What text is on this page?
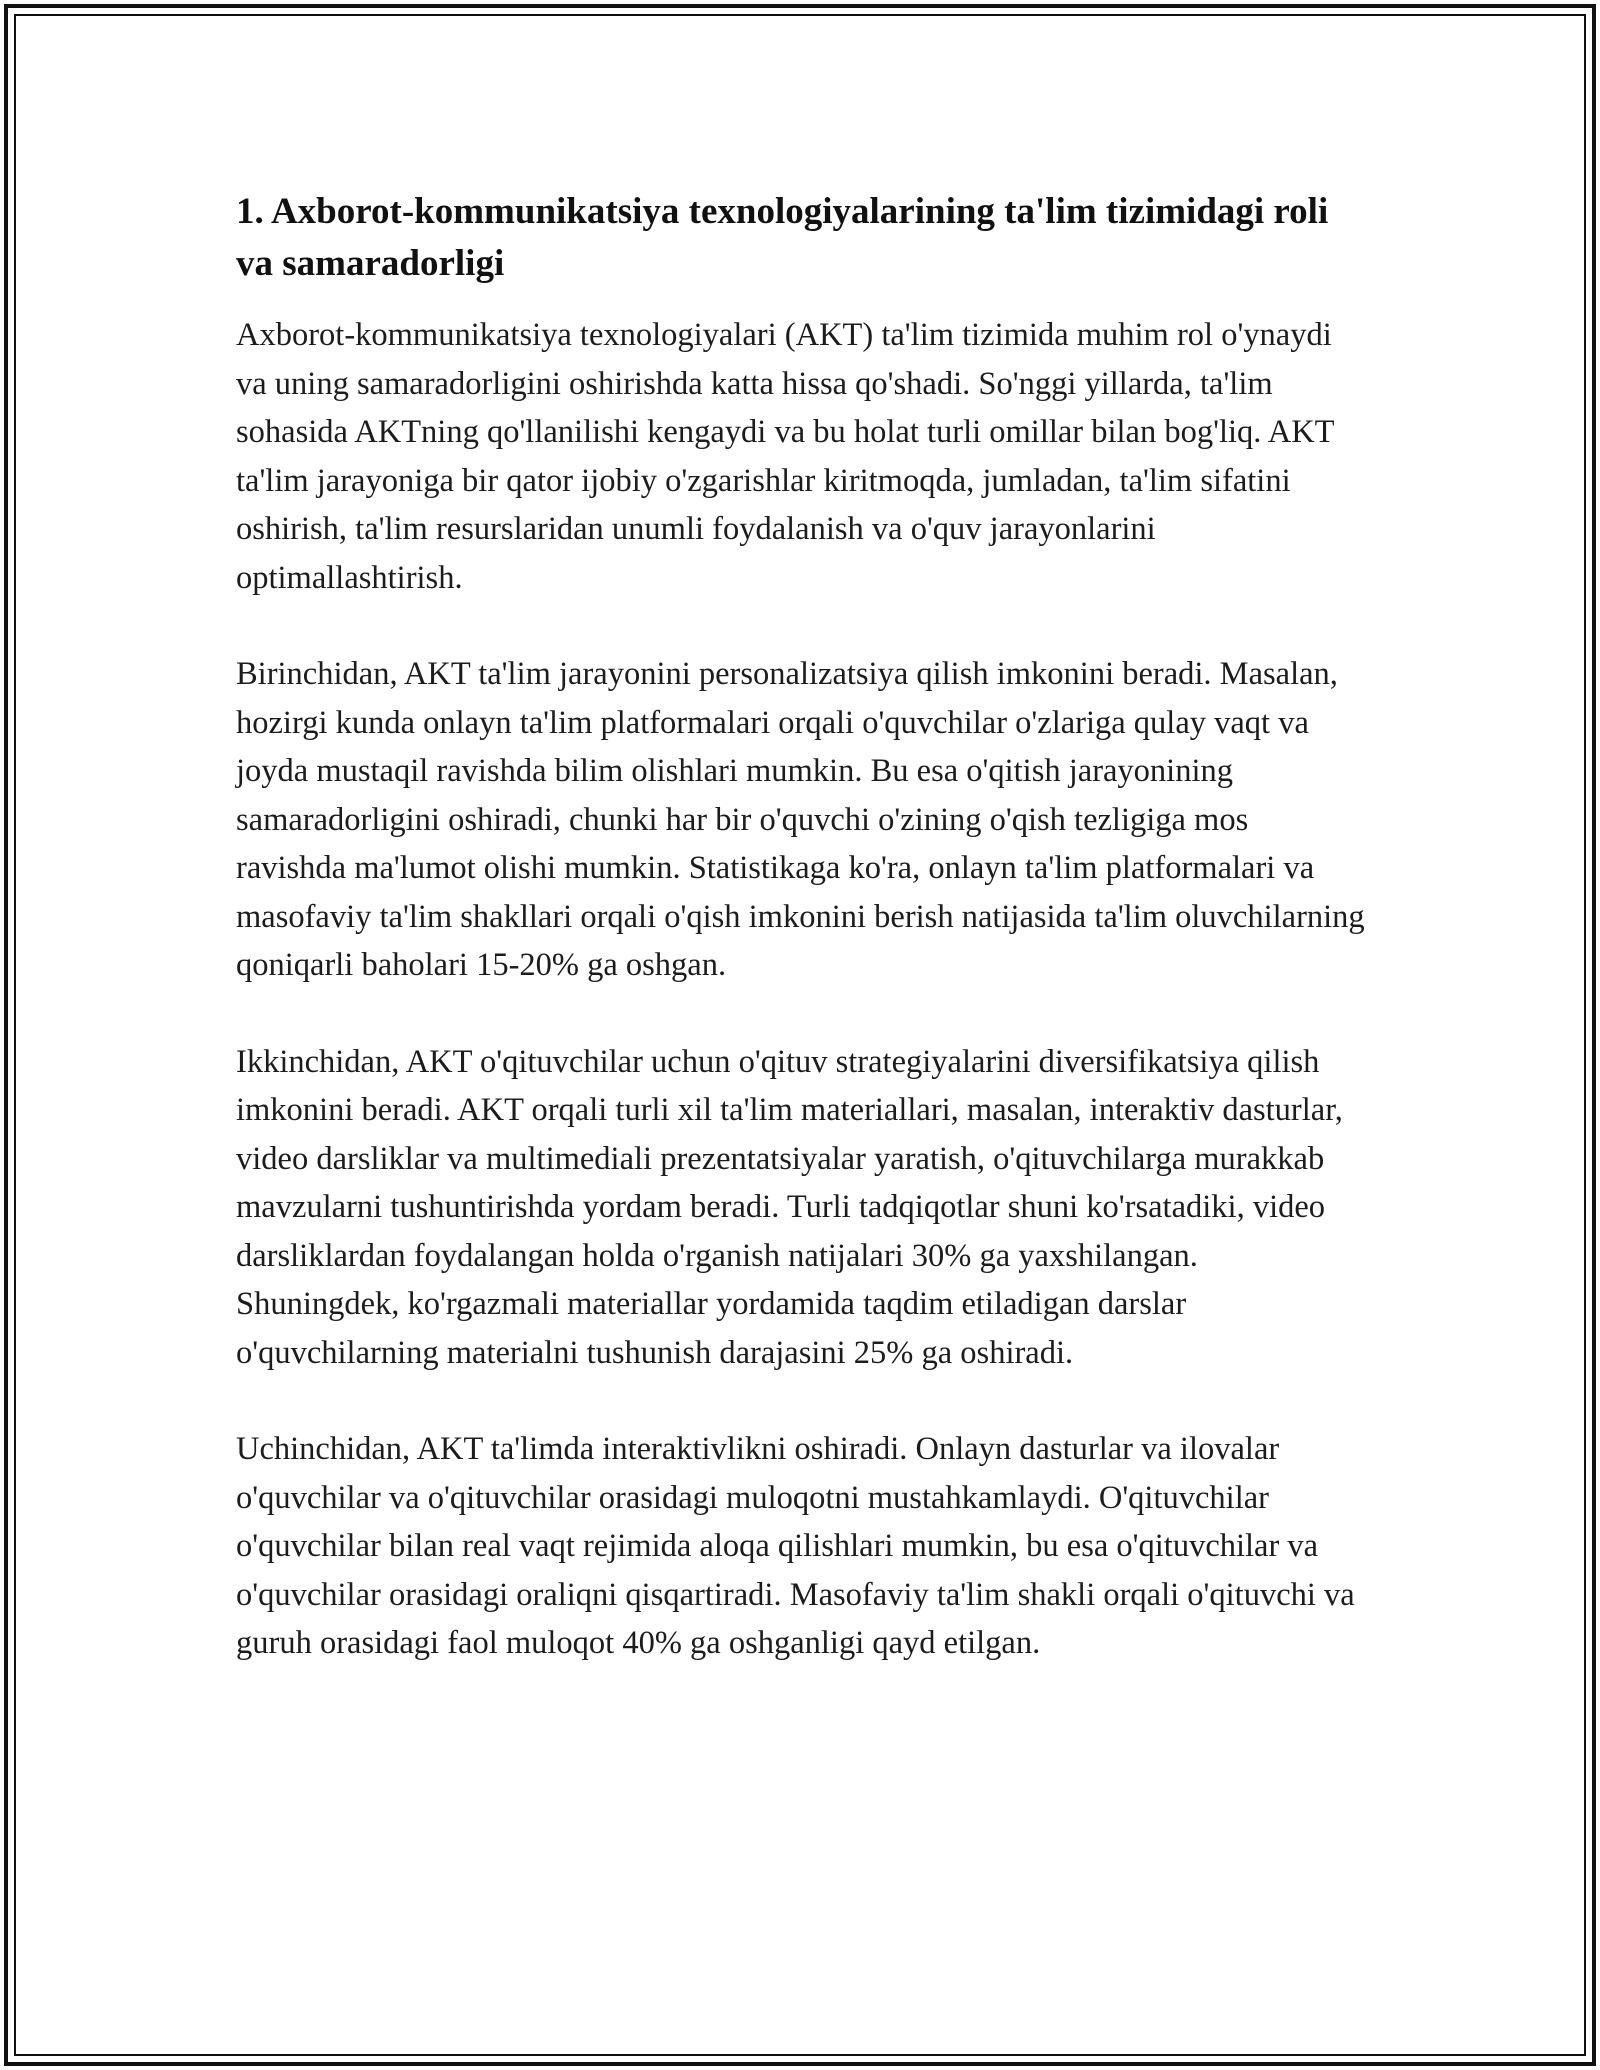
1. Axborot-kommunikatsiya texnologiyalarining ta'lim tizimidagi roli va samaradorligi

Axborot-kommunikatsiya texnologiyalari (AKT) ta'lim tizimida muhim rol o'ynaydi va uning samaradorligini oshirishda katta hissa qo'shadi. So'nggi yillarda, ta'lim sohasida AKTning qo'llanilishi kengaydi va bu holat turli omillar bilan bog'liq. AKT ta'lim jarayoniga bir qator ijobiy o'zgarishlar kiritmoqda, jumladan, ta'lim sifatini oshirish, ta'lim resurslaridan unumli foydalanish va o'quv jarayonlarini optimallashtirish.

Birinchidan, AKT ta'lim jarayonini personalizatsiya qilish imkonini beradi. Masalan, hozirgi kunda onlayn ta'lim platformalari orqali o'quvchilar o'zlariga qulay vaqt va joyda mustaqil ravishda bilim olishlari mumkin. Bu esa o'qitish jarayonining samaradorligini oshiradi, chunki har bir o'quvchi o'zining o'qish tezligiga mos ravishda ma'lumot olishi mumkin. Statistikaga ko'ra, onlayn ta'lim platformalari va masofaviy ta'lim shakllari orqali o'qish imkonini berish natijasida ta'lim oluvchilarning qoniqarli baholari 15-20% ga oshgan.

Ikkinchidan, AKT o'qituvchilar uchun o'qituv strategiyalarini diversifikatsiya qilish imkonini beradi. AKT orqali turli xil ta'lim materiallari, masalan, interaktiv dasturlar, video darsliklar va multimediali prezentatsiyalar yaratish, o'qituvchilarga murakkab mavzularni tushuntirishda yordam beradi. Turli tadqiqotlar shuni ko'rsatadiki, video darsliklardan foydalangan holda o'rganish natijalari 30% ga yaxshilangan. Shuningdek, ko'rgazmali materiallar yordamida taqdim etiladigan darslar o'quvchilarning materialni tushunish darajasini 25% ga oshiradi.

Uchinchidan, AKT ta'limda interaktivlikni oshiradi. Onlayn dasturlar va ilovalar o'quvchilar va o'qituvchilar orasidagi muloqotni mustahkamlaydi. O'qituvchilar o'quvchilar bilan real vaqt rejimida aloqa qilishlari mumkin, bu esa o'qituvchilar va o'quvchilar orasidagi oraliqni qisqartiradi. Masofaviy ta'lim shakli orqali o'qituvchi va guruh orasidagi faol muloqot 40% ga oshganligi qayd etilgan.
